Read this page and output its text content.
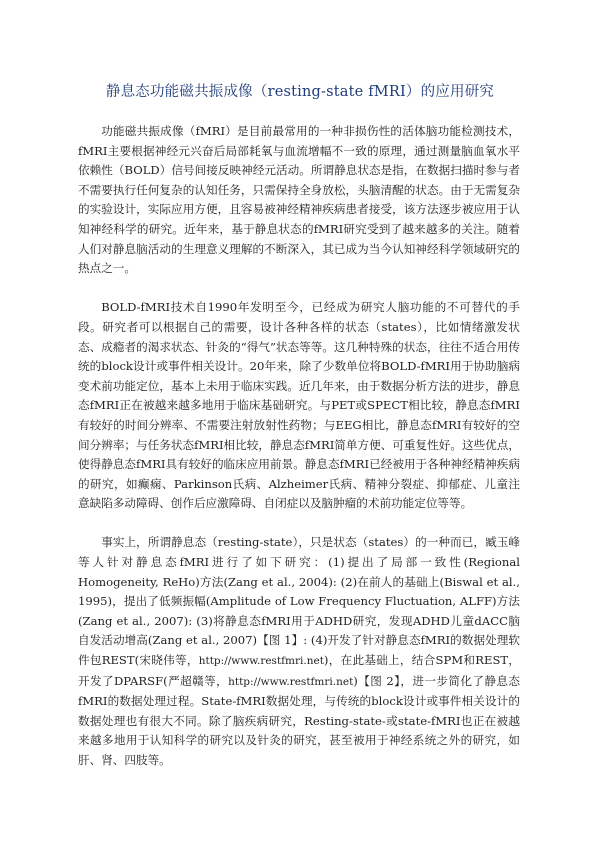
静息态功能磁共振成像（resting-state fMRI）的应用研究

功能磁共振成像（fMRI）是目前最常用的一种非损伤性的活体脑功能检测技术，fMRI主要根据神经元兴奋后局部耗氧与血流增幅不一致的原理，通过测量脑血氧水平依赖性（BOLD）信号间接反映神经元活动。所谓静息状态是指，在数据扫描时参与者不需要执行任何复杂的认知任务，只需保持全身放松，头脑清醒的状态。由于无需复杂的实验设计，实际应用方便，且容易被神经精神疾病患者接受，该方法逐步被应用于认知神经科学的研究。近年来，基于静息状态的fMRI研究受到了越来越多的关注。随着人们对静息脑活动的生理意义理解的不断深入，其已成为当今认知神经科学领域研究的热点之一。

BOLD-fMRI技术自1990年发明至今，已经成为研究人脑功能的不可替代的手段。研究者可以根据自己的需要，设计各种各样的状态（states），比如情绪激发状态、成瘾者的渴求状态、针灸的“得气”状态等等。这几种特殊的状态，往往不适合用传统的block设计或事件相关设计。20年来，除了少数单位将BOLD-fMRI用于协助脑病变术前功能定位，基本上未用于临床实践。近几年来，由于数据分析方法的进步，静息态fMRI正在被越来越多地用于临床基础研究。与PET或SPECT相比较，静息态fMRI有较好的时间分辨率、不需要注射放射性药物；与EEG相比，静息态fMRI有较好的空间分辨率；与任务状态fMRI相比较，静息态fMRI简单方便、可重复性好。这些优点，使得静息态fMRI具有较好的临床应用前景。静息态fMRI已经被用于各种神经精神疾病的研究，如癫痫、Parkinson氏病、Alzheimer氏病、精神分裂症、抑郁症、儿童注意缺陷多动障碍、创作后应激障碍、自闭症以及脑肿瘤的术前功能定位等等。

事实上，所谓静息态（resting-state），只是状态（states）的一种而已，臧玉峰等人针对静息态fMRI进行了如下研究：(1)提出了局部一致性(Regional Homogeneity, ReHo)方法(Zang et al., 2004): (2)在前人的基础上(Biswal et al., 1995)，提出了低频振幅(Amplitude of Low Frequency Fluctuation, ALFF)方法(Zang et al., 2007): (3)将静息态fMRI用于ADHD研究，发现ADHD儿童dACC脑自发活动增高(Zang et al., 2007)【图 1】: (4)开发了针对静息态fMRI的数据处理软件包REST(宋晓伟等，http://www.restfmri.net)，在此基础上，结合SPM和REST，开发了DPARSF(严超赣等，http://www.restfmri.net)【图 2】，进一步简化了静息态fMRI的数据处理过程。State-fMRI数据处理，与传统的block设计或事件相关设计的数据处理也有很大不同。除了脑疾病研究，Resting-state-或state-fMRI也正在被越来越多地用于认知科学的研究以及针灸的研究，甚至被用于神经系统之外的研究，如肝、肾、四肢等。
